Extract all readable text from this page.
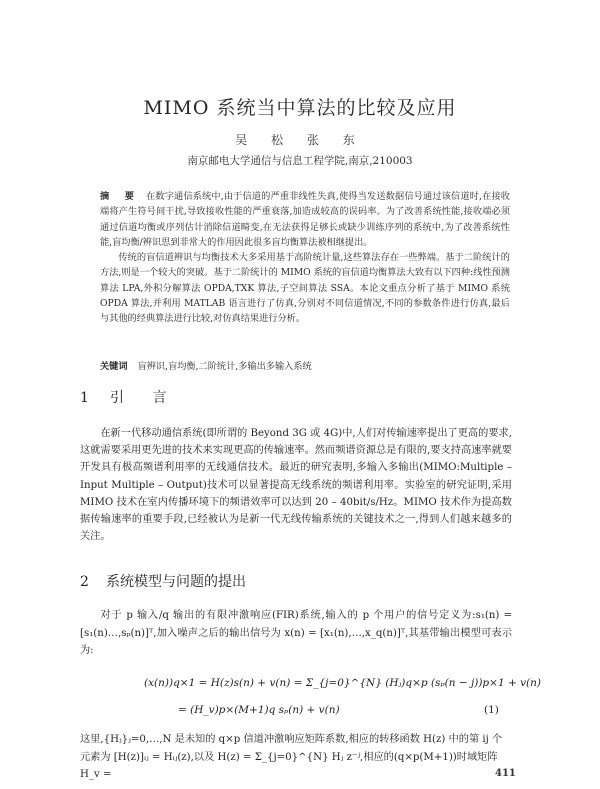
MIMO 系统当中算法的比较及应用
吴 松 张 东
南京邮电大学通信与信息工程学院,南京,210003

摘 要 在数字通信系统中,由于信道的严重非线性失真,使得当发送数据信号通过该信道时,在接收端将产生符号间干扰,导致接收性能的严重衰落,加造成较高的误码率。为了改善系统性能,接收端必须通过信道均衡或序列估计消除信道畸变,在无法获得足够长或缺少训练序列的系统中,为了改善系统性能,盲均衡/辨识思到非常大的作用因此很多盲均衡算法被相继提出。

传统的盲信道辨识与均衡技术大多采用基于高阶统计量,这些算法存在一些弊端。基于二阶统计的方法,则是一个较大的突破。基于二阶统计的 MIMO 系统的盲信道均衡算法大致有以下四种:线性预测算法 LPA,外积分解算法 OPDA,TXK 算法,子空间算法 SSA。本论文重点分析了基于 MIMO 系统 OPDA 算法,并利用 MATLAB 语言进行了仿真,分别对不同信道情况,不同的参数条件进行仿真,最后与其他的经典算法进行比较,对仿真结果进行分析。

关键词 盲辨识,盲均衡,二阶统计,多输出多输入系统
1 引 言

在新一代移动通信系统(即所谓的 Beyond 3G 或 4G)中,人们对传输速率提出了更高的要求,这就需要采用更先进的技术来实现更高的传输速率。然而频谱资源总是有限的,要支持高速率就要开发具有极高频谱利用率的无线通信技术。最近的研究表明,多输入多输出(MIMO:Multiple – Input Multiple – Output)技术可以显著提高无线系统的频谱利用率。实验室的研究证明,采用 MIMO 技术在室内传播环境下的频谱效率可以达到 20 – 40bit/s/Hz。MIMO 技术作为提高数据传输速率的重要手段,已经被认为是新一代无线传输系统的关键技术之一,得到人们越来越多的关注。

2 系统模型与问题的提出

对于 p 输入/q 输出的有限冲激响应(FIR)系统,输入的 p 个用户的信号定义为:s₁(n) = [s₁(n)…,sₚ(n)]ᵀ,加入噪声之后的输出信号为 x(n) = [x₁(n),…,x_q(n)]ᵀ,其基带输出模型可表示为:

(x(n))q×1 = H(z)s(n) + v(n) = Σ_{j=0}^{N} (Hⱼ)q×p (sₚ(n − j))p×1 + v(n)
= (H_v)p×(M+1)q sₚ(n) + v(n)	(1)

这里,{Hⱼ}ⱼ=0,…,N 是未知的 q×p 信道冲激响应矩阵系数,相应的转移函数 H(z) 中的第 ij 个元素为 [H(z)]ᵢⱼ = Hᵢⱼ(z),以及 H(z) = Σ_{j=0}^{N} Hⱼ z⁻ʲ,相应的(q×p(M+1))时域矩阵 H_v =	411
